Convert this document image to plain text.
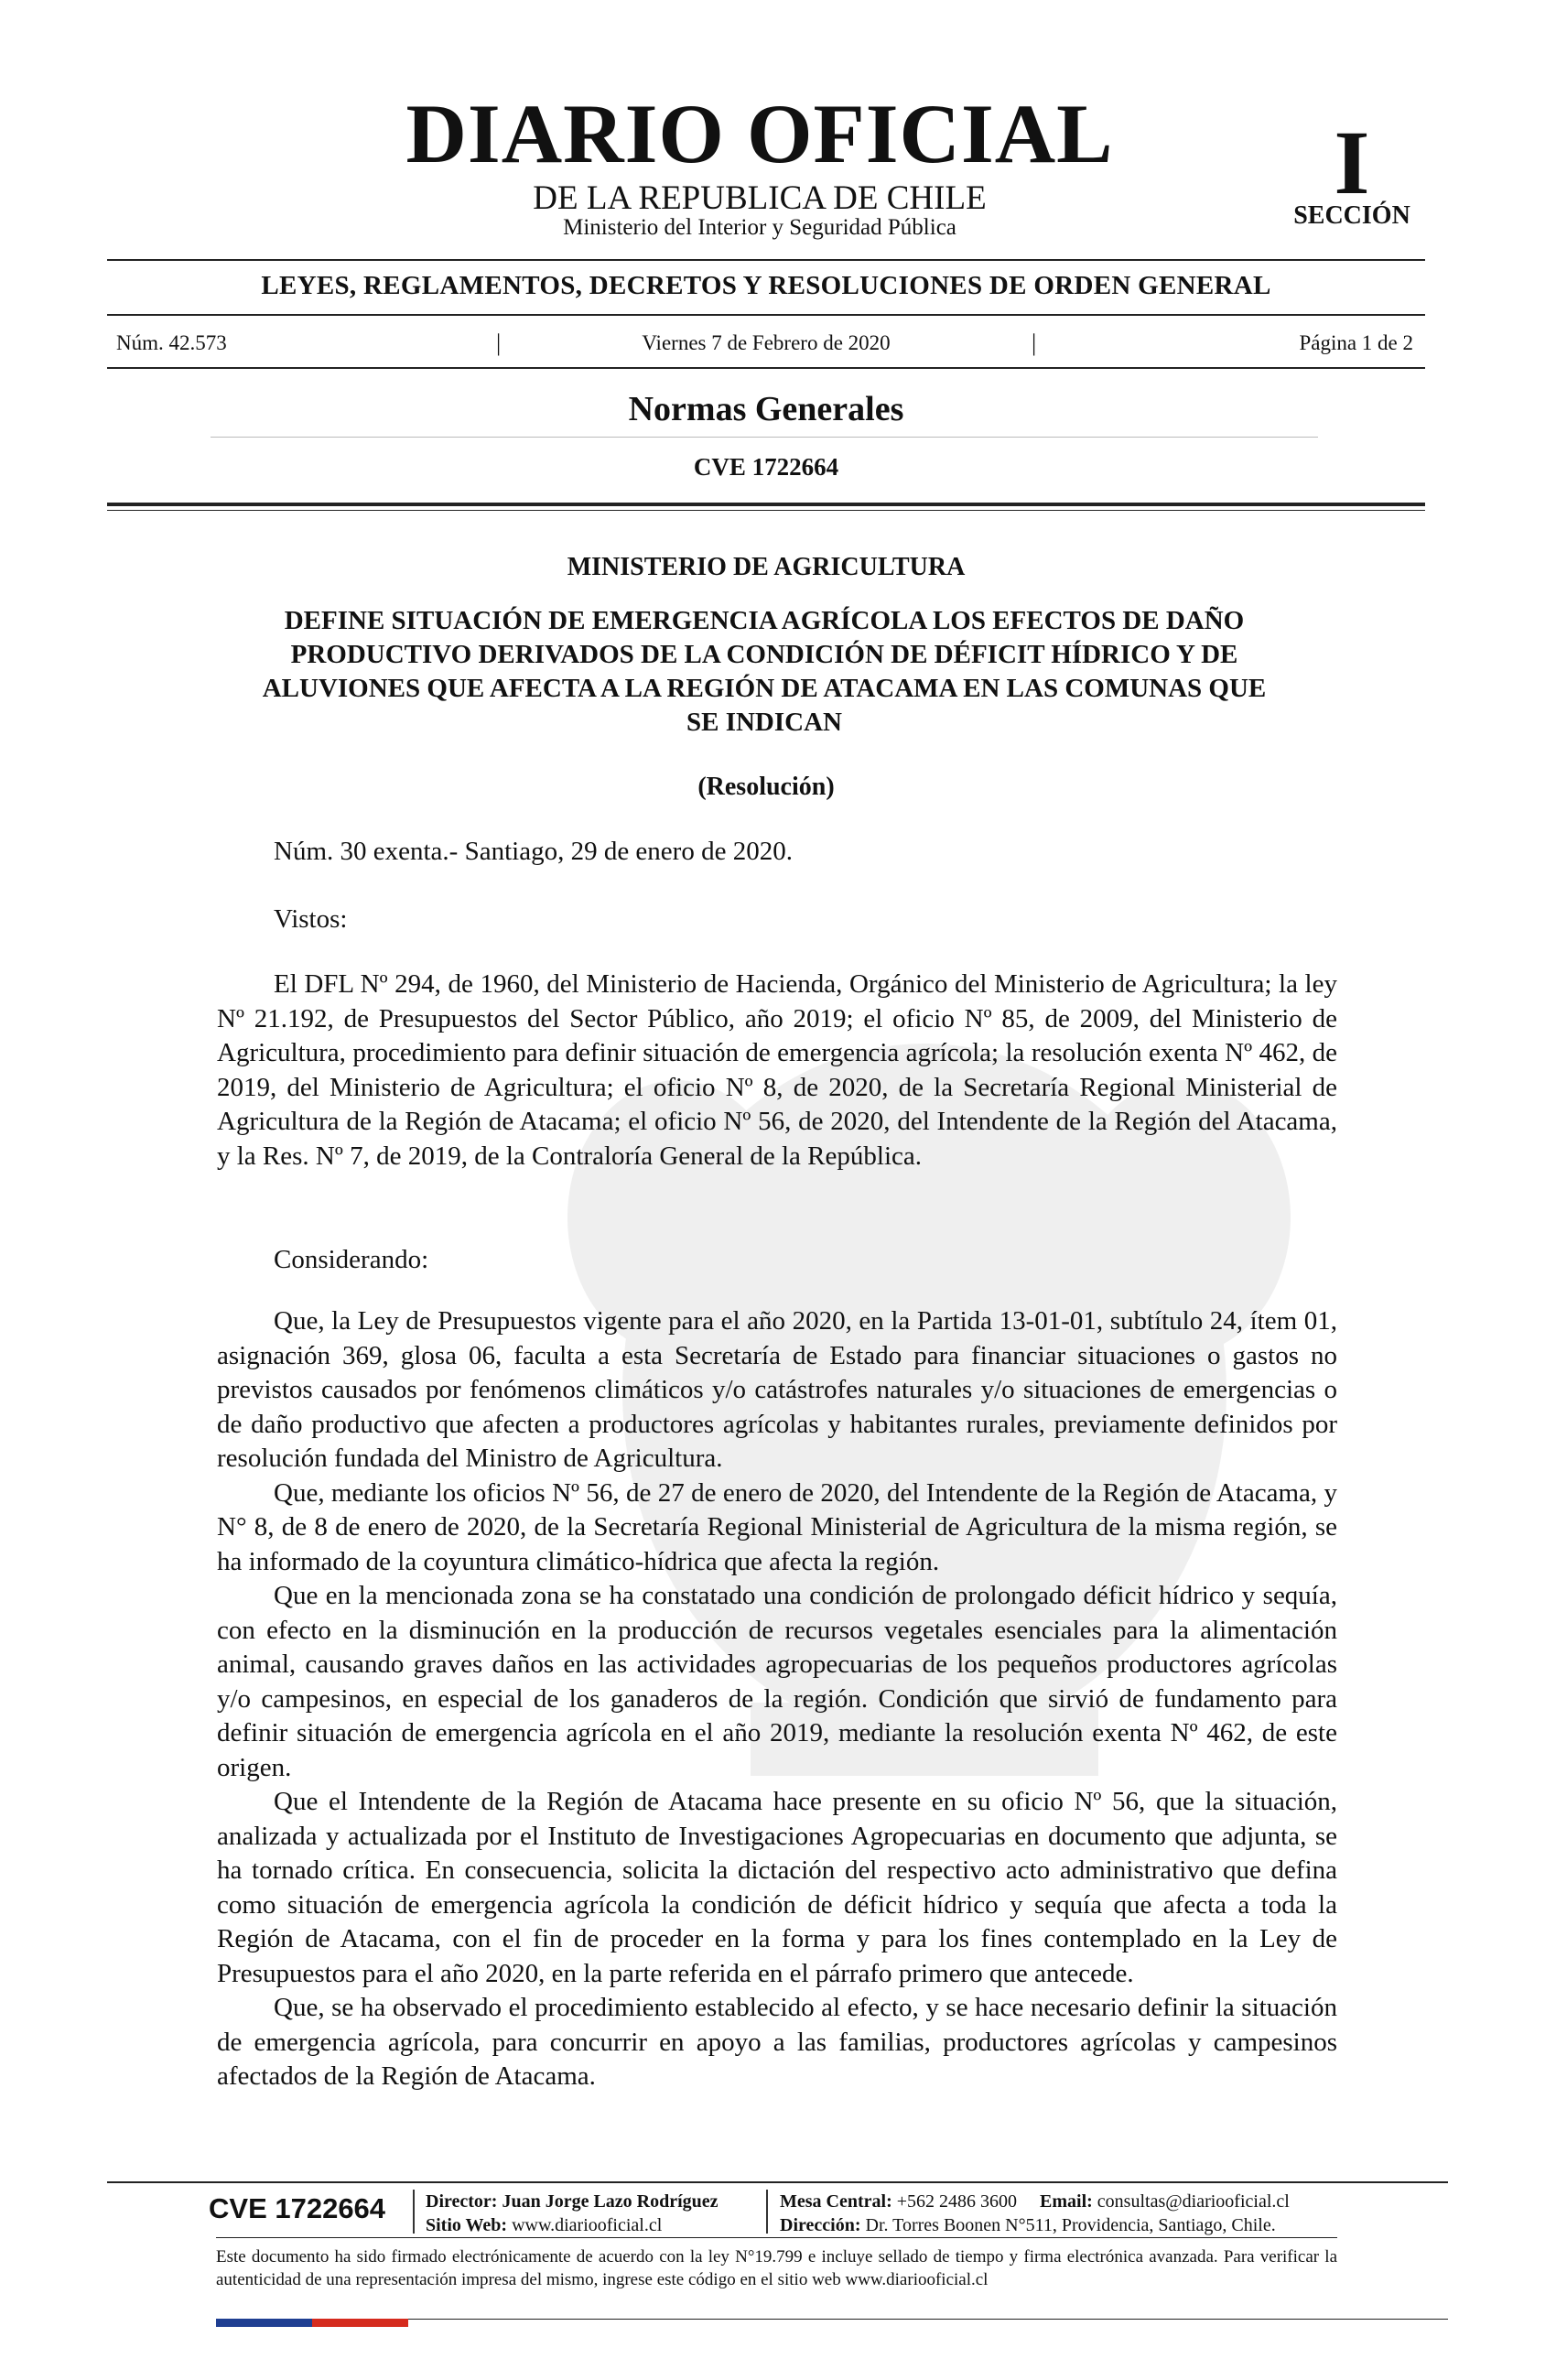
DIARIO OFICIAL
DE LA REPUBLICA DE CHILE
Ministerio del Interior y Seguridad Pública
I
SECCIÓN
LEYES, REGLAMENTOS, DECRETOS Y RESOLUCIONES DE ORDEN GENERAL
Núm. 42.573	|	Viernes 7 de Febrero de 2020	|	Página 1 de 2
Normas Generales
CVE 1722664
MINISTERIO DE AGRICULTURA
DEFINE SITUACIÓN DE EMERGENCIA AGRÍCOLA LOS EFECTOS DE DAÑO
PRODUCTIVO DERIVADOS DE LA CONDICIÓN DE DÉFICIT HÍDRICO Y DE
ALUVIONES QUE AFECTA A LA REGIÓN DE ATACAMA EN LAS COMUNAS QUE
SE INDICAN
(Resolución)
Núm. 30 exenta.- Santiago, 29 de enero de 2020.
Vistos:

El DFL Nº 294, de 1960, del Ministerio de Hacienda, Orgánico del Ministerio de Agricultura; la ley Nº 21.192, de Presupuestos del Sector Público, año 2019; el oficio Nº 85, de 2009, del Ministerio de Agricultura, procedimiento para definir situación de emergencia agrícola; la resolución exenta Nº 462, de 2019, del Ministerio de Agricultura; el oficio Nº 8, de 2020, de la Secretaría Regional Ministerial de Agricultura de la Región de Atacama; el oficio Nº 56, de 2020, del Intendente de la Región del Atacama, y la Res. Nº 7, de 2019, de la Contraloría General de la República.

Considerando:

Que, la Ley de Presupuestos vigente para el año 2020, en la Partida 13-01-01, subtítulo 24, ítem 01, asignación 369, glosa 06, faculta a esta Secretaría de Estado para financiar situaciones o gastos no previstos causados por fenómenos climáticos y/o catástrofes naturales y/o situaciones de emergencias o de daño productivo que afecten a productores agrícolas y habitantes rurales, previamente definidos por resolución fundada del Ministro de Agricultura.

Que, mediante los oficios Nº 56, de 27 de enero de 2020, del Intendente de la Región de Atacama, y N° 8, de 8 de enero de 2020, de la Secretaría Regional Ministerial de Agricultura de la misma región, se ha informado de la coyuntura climático-hídrica que afecta la región.

Que en la mencionada zona se ha constatado una condición de prolongado déficit hídrico y sequía, con efecto en la disminución en la producción de recursos vegetales esenciales para la alimentación animal, causando graves daños en las actividades agropecuarias de los pequeños productores agrícolas y/o campesinos, en especial de los ganaderos de la región. Condición que sirvió de fundamento para definir situación de emergencia agrícola en el año 2019, mediante la resolución exenta Nº 462, de este origen.

Que el Intendente de la Región de Atacama hace presente en su oficio Nº 56, que la situación, analizada y actualizada por el Instituto de Investigaciones Agropecuarias en documento que adjunta, se ha tornado crítica. En consecuencia, solicita la dictación del respectivo acto administrativo que defina como situación de emergencia agrícola la condición de déficit hídrico y sequía que afecta a toda la Región de Atacama, con el fin de proceder en la forma y para los fines contemplado en la Ley de Presupuestos para el año 2020, en la parte referida en el párrafo primero que antecede.

Que, se ha observado el procedimiento establecido al efecto, y se hace necesario definir la situación de emergencia agrícola, para concurrir en apoyo a las familias, productores agrícolas y campesinos afectados de la Región de Atacama.

CVE 1722664 Director: Juan Jorge Lazo Rodríguez
Sitio Web: www.diariooficial.cl
Mesa Central: +562 2486 3600 Email: consultas@diariooficial.cl
Dirección: Dr. Torres Boonen N°511, Providencia, Santiago, Chile.
Este documento ha sido firmado electrónicamente de acuerdo con la ley N°19.799 e incluye sellado de tiempo y firma electrónica avanzada. Para verificar la autenticidad de una representación impresa del mismo, ingrese este código en el sitio web www.diariooficial.cl
